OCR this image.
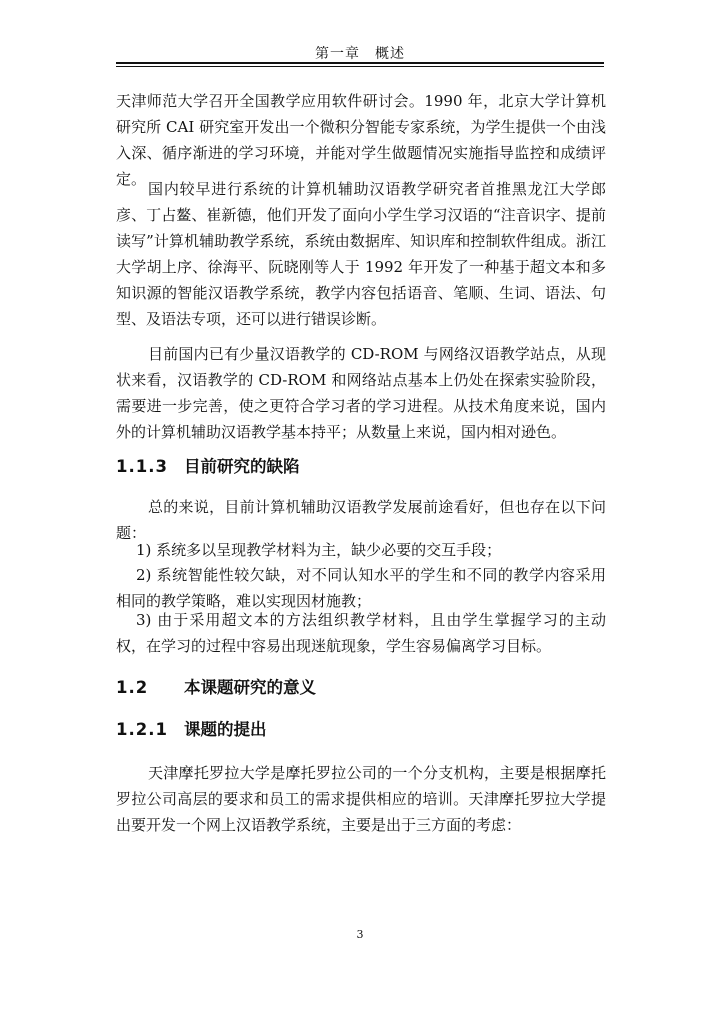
第一章　概述

天津师范大学召开全国教学应用软件研讨会。1990 年，北京大学计算机研究所 CAI 研究室开发出一个微积分智能专家系统，为学生提供一个由浅入深、循序渐进的学习环境，并能对学生做题情况实施指导监控和成绩评定。

国内较早进行系统的计算机辅助汉语教学研究者首推黑龙江大学郎彦、丁占鳌、崔新德，他们开发了面向小学生学习汉语的“注音识字、提前读写”计算机辅助教学系统，系统由数据库、知识库和控制软件组成。浙江大学胡上序、徐海平、阮晓刚等人于 1992 年开发了一种基于超文本和多知识源的智能汉语教学系统，教学内容包括语音、笔顺、生词、语法、句型、及语法专项，还可以进行错误诊断。

目前国内已有少量汉语教学的 CD-ROM 与网络汉语教学站点，从现状来看，汉语教学的 CD-ROM 和网络站点基本上仍处在探索实验阶段，需要进一步完善，使之更符合学习者的学习进程。从技术角度来说，国内外的计算机辅助汉语教学基本持平；从数量上来说，国内相对逊色。

1.1.3 目前研究的缺陷

总的来说，目前计算机辅助汉语教学发展前途看好，但也存在以下问题：

1) 系统多以呈现教学材料为主，缺少必要的交互手段；

2) 系统智能性较欠缺，对不同认知水平的学生和不同的教学内容采用相同的教学策略，难以实现因材施教；

3) 由于采用超文本的方法组织教学材料，且由学生掌握学习的主动权，在学习的过程中容易出现迷航现象，学生容易偏离学习目标。

1.2 本课题研究的意义
1.2.1 课题的提出

天津摩托罗拉大学是摩托罗拉公司的一个分支机构，主要是根据摩托罗拉公司高层的要求和员工的需求提供相应的培训。天津摩托罗拉大学提出要开发一个网上汉语教学系统，主要是出于三方面的考虑：

3
